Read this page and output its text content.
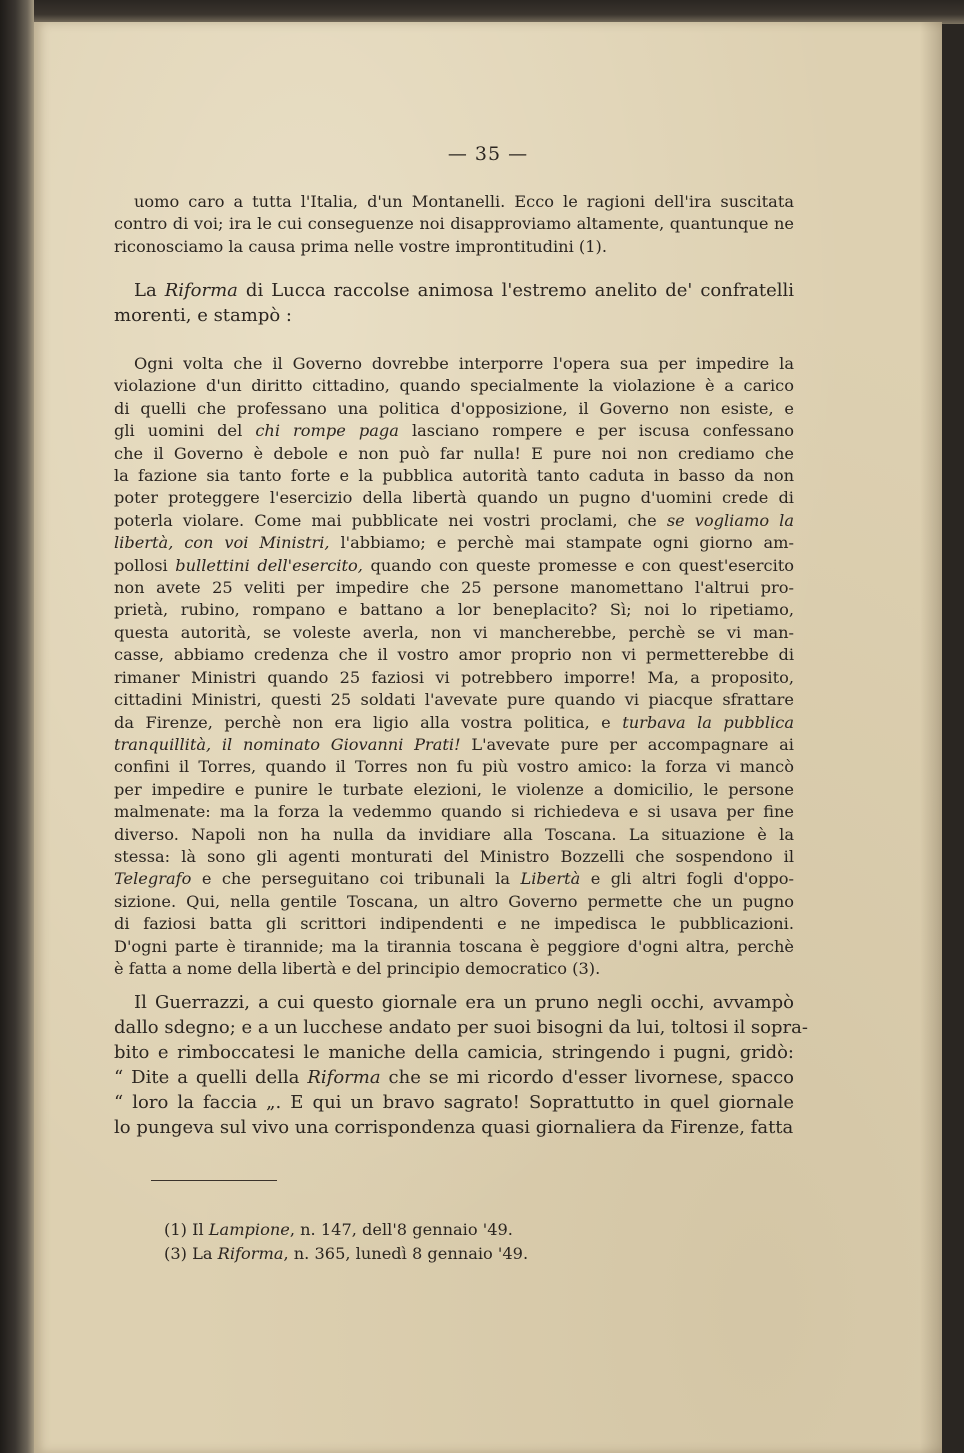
— 35 —
uomo caro a tutta l'Italia, d'un Montanelli. Ecco le ragioni dell'ira suscitata contro di voi; ira le cui conseguenze noi disapproviamo altamente, quantunque ne riconosciamo la causa prima nelle vostre improntitudini (1).
La Riforma di Lucca raccolse animosa l'estremo anelito de' confratelli morenti, e stampò :
Ogni volta che il Governo dovrebbe interporre l'opera sua per impedire la
violazione d'un diritto cittadino, quando specialmente la violazione è a carico
di quelli che professano una politica d'opposizione, il Governo non esiste, e
gli uomini del chi rompe paga lasciano rompere e per iscusa confessano
che il Governo è debole e non può far nulla! E pure noi non crediamo che
la fazione sia tanto forte e la pubblica autorità tanto caduta in basso da non
poter proteggere l'esercizio della libertà quando un pugno d'uomini crede di
poterla violare. Come mai pubblicate nei vostri proclami, che se vogliamo la
libertà, con voi Ministri, l'abbiamo; e perchè mai stampate ogni giorno am-
pollosi bullettini dell'esercito, quando con queste promesse e con quest'esercito
non avete 25 veliti per impedire che 25 persone manomettano l'altrui pro-
prietà, rubino, rompano e battano a lor beneplacito? Sì; noi lo ripetiamo,
questa autorità, se voleste averla, non vi mancherebbe, perchè se vi man-
casse, abbiamo credenza che il vostro amor proprio non vi permetterebbe di
rimaner Ministri quando 25 faziosi vi potrebbero imporre! Ma, a proposito,
cittadini Ministri, questi 25 soldati l'avevate pure quando vi piacque sfrattare
da Firenze, perchè non era ligio alla vostra politica, e turbava la pubblica
tranquillità, il nominato Giovanni Prati! L'avevate pure per accompagnare ai
confini il Torres, quando il Torres non fu più vostro amico: la forza vi mancò
per impedire e punire le turbate elezioni, le violenze a domicilio, le persone
malmenate: ma la forza la vedemmo quando si richiedeva e si usava per fine
diverso. Napoli non ha nulla da invidiare alla Toscana. La situazione è la
stessa: là sono gli agenti monturati del Ministro Bozzelli che sospendono il
Telegrafo e che perseguitano coi tribunali la Libertà e gli altri fogli d'oppo-
sizione. Qui, nella gentile Toscana, un altro Governo permette che un pugno
di faziosi batta gli scrittori indipendenti e ne impedisca le pubblicazioni.
D'ogni parte è tirannide; ma la tirannia toscana è peggiore d'ogni altra, perchè
è fatta a nome della libertà e del principio democratico (3).
Il Guerrazzi, a cui questo giornale era un pruno negli occhi, avvampò
dallo sdegno; e a un lucchese andato per suoi bisogni da lui, toltosi il sopra-
bito e rimboccatesi le maniche della camicia, stringendo i pugni, gridò:
“ Dite a quelli della Riforma che se mi ricordo d'esser livornese, spacco
“ loro la faccia „. E qui un bravo sagrato! Soprattutto in quel giornale
lo pungeva sul vivo una corrispondenza quasi giornaliera da Firenze, fatta
(1) Il Lampione, n. 147, dell'8 gennaio '49.
(3) La Riforma, n. 365, lunedì 8 gennaio '49.
